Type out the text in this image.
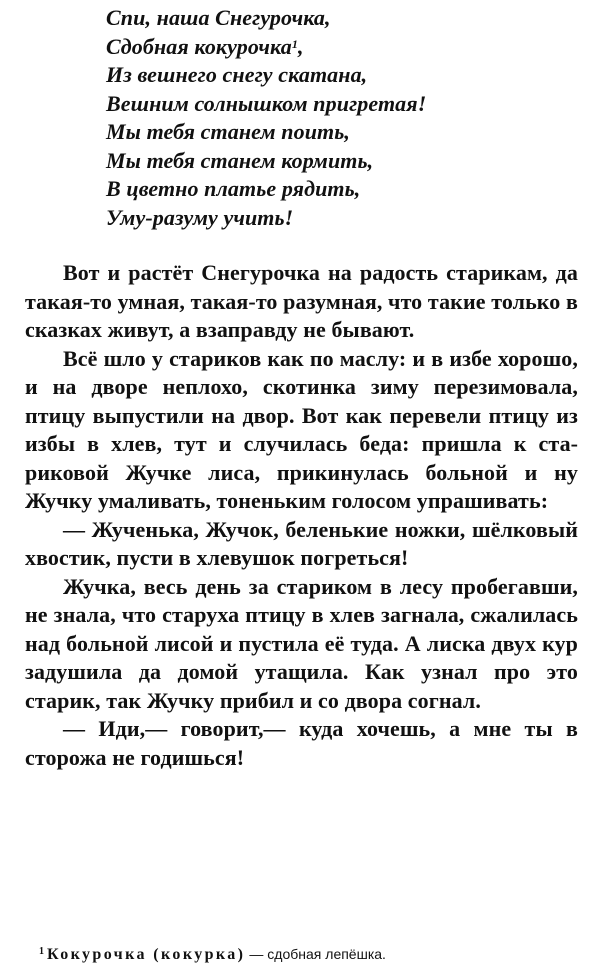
Спи, наша Снегурочка,
Сдобная кокурочка$^1$,
Из вешнего снегу скатана,
Вешним солнышком пригретая!
Мы тебя станем поить,
Мы тебя станем кормить,
В цветно платье рядить,
Уму-разуму учить!

Вот и растёт Снегурочка на радость старикам, да такая-то умная, такая-то разумная, что такие только в сказках живут, а взаправду не бывают.

Всё шло у стариков как по маслу: и в избе хорошо, и на дворе неплохо, скотинка зиму перезимовала, птицу выпустили на двор. Вот как перевели птицу из избы в хлев, тут и случилась беда: пришла к стариковой Жучке лиса, прикинулась больной и ну Жучку умаливать, тоненьким голосом упрашивать:

— Жученька, Жучок, беленькие ножки, шёлковый хвостик, пусти в хлевушок погреться!

Жучка, весь день за стариком в лесу пробегавши, не знала, что старуха птицу в хлев загнала, сжалилась над больной лисой и пустила её туда. А лиска двух кур задушила да домой утащила. Как узнал про это старик, так Жучку прибил и со двора согнал.

— Иди,— говорит,— куда хочешь, а мне ты в сторожа не годишься!

$^1$ Кокурочка (кокурка) — сдобная лепёшка.
